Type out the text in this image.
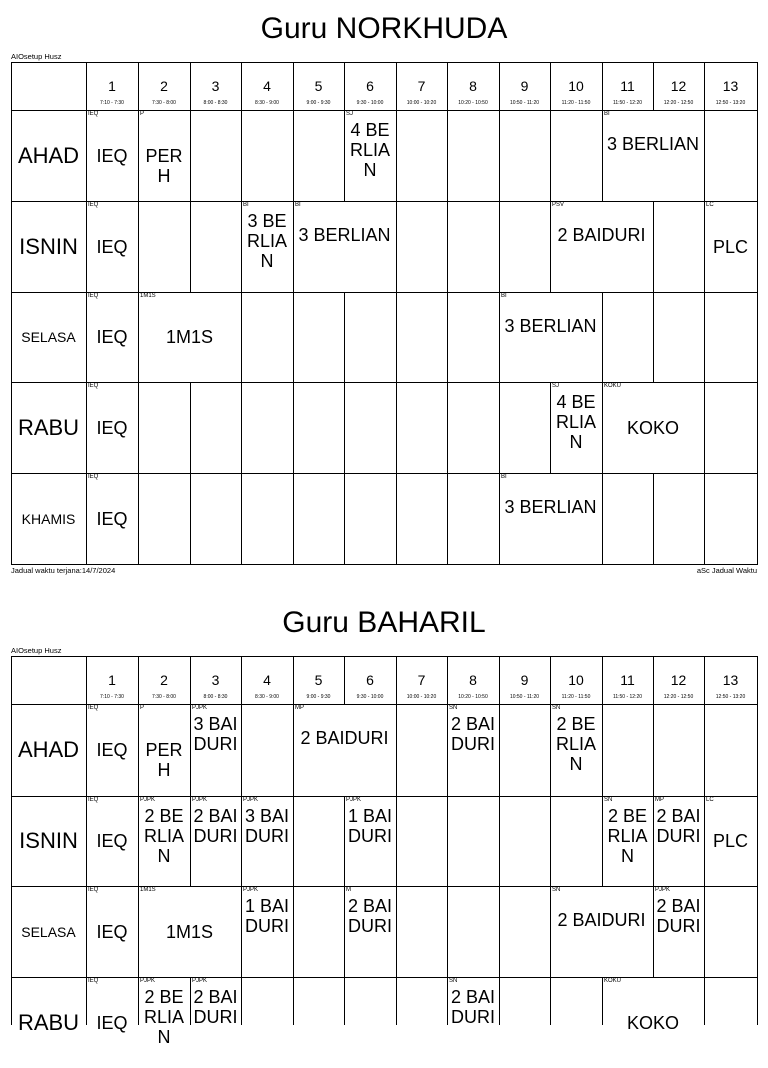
Guru NORKHUDA
AIOsetup Husz
1
7:10 - 7:30
2
7:30 - 8:00
3
8:00 - 8:30
4
8:30 - 9:00
5
9:00 - 9:30
6
9:30 - 10:00
7
10:00 - 10:20
8
10:20 - 10:50
9
10:50 - 11:20
10
11:20 - 11:50
11
11:50 - 12:20
12
12:20 - 12:50
13
12:50 - 13:20
AHAD
IEQ
IEQ
P
PERH
SJ
4 BERLIAN
BI
3 BERLIAN
ISNIN
IEQ
IEQ
BI
3 BERLIAN
BI
3 BERLIAN
PSV
2 BAIDURI
LC
PLC
SELASA
IEQ
IEQ
1M1S
1M1S
BI
3 BERLIAN
RABU
IEQ
IEQ
SJ
4 BERLIAN
KOKU
KOKO
KHAMIS
IEQ
IEQ
BI
3 BERLIAN
Jadual waktu terjana:14/7/2024	aSc Jadual Waktu
Guru BAHARIL
AIOsetup Husz
1
7:10 - 7:30
2
7:30 - 8:00
3
8:00 - 8:30
4
8:30 - 9:00
5
9:00 - 9:30
6
9:30 - 10:00
7
10:00 - 10:20
8
10:20 - 10:50
9
10:50 - 11:20
10
11:20 - 11:50
11
11:50 - 12:20
12
12:20 - 12:50
13
12:50 - 13:20
AHAD
IEQ
IEQ
P
PERH
PJPK
3 BAIDURI
MP
2 BAIDURI
SN
2 BAIDURI
SN
2 BERLIAN
ISNIN
IEQ
IEQ
PJPK
2 BERLIAN
PJPK
2 BAIDURI
PJPK
3 BAIDURI
PJPK
1 BAIDURI
SN
2 BERLIAN
MP
2 BAIDURI
LC
PLC
SELASA
IEQ
IEQ
1M1S
1M1S
PJPK
1 BAIDURI
M
2 BAIDURI
SN
2 BAIDURI
PJPK
2 BAIDURI
RABU
IEQ
IEQ
PJPK
2 BERLIAN
PJPK
2 BAIDURI
SN
2 BAIDURI
KOKU
KOKO
